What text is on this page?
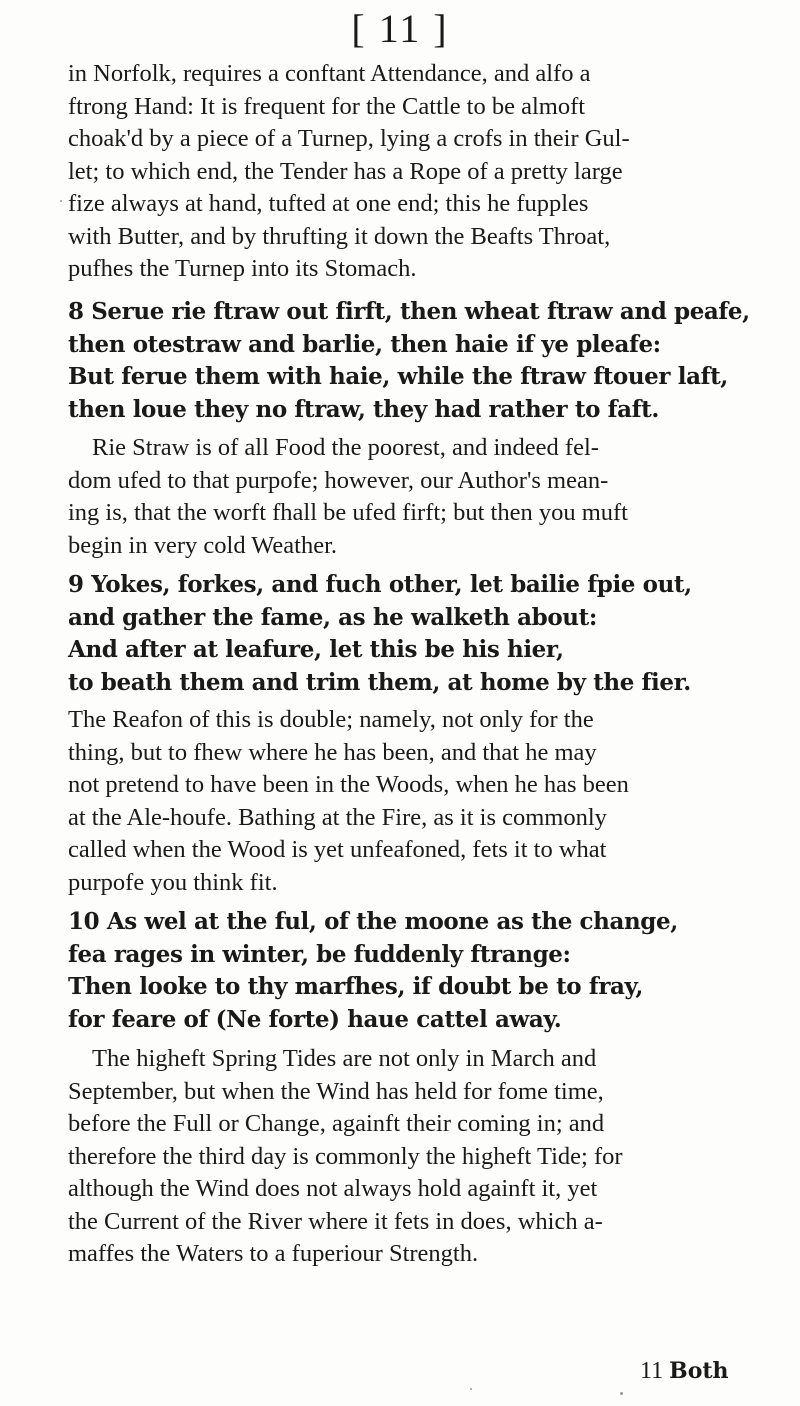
[ 11 ]
in Norfolk, requires a conftant Attendance, and alfo a
ftrong Hand: It is frequent for the Cattle to be almoft
choak'd by a piece of a Turnep, lying a crofs in their Gul-
let; to which end, the Tender has a Rope of a pretty large
fize always at hand, tufted at one end; this he fupples
with Butter, and by thrufting it down the Beafts Throat,
pufhes the Turnep into its Stomach.
8 Serue rie ftraw out firft, then wheat ftraw and peafe,
then otestraw and barlie, then haie if ye pleafe:
But ferue them with haie, while the ftraw ftouer laft,
then loue they no ftraw, they had rather to faft.
Rie Straw is of all Food the poorest, and indeed fel-
dom ufed to that purpofe; however, our Author's mean-
ing is, that the worft fhall be ufed firft; but then you muft
begin in very cold Weather.
9 Yokes, forkes, and fuch other, let bailie fpie out,
and gather the fame, as he walketh about:
And after at leafure, let this be his hier,
to beath them and trim them, at home by the fier.
The Reafon of this is double; namely, not only for the
thing, but to fhew where he has been, and that he may
not pretend to have been in the Woods, when he has been
at the Ale-houfe. Bathing at the Fire, as it is commonly
called when the Wood is yet unfeafoned, fets it to what
purpofe you think fit.
10 As wel at the ful, of the moone as the change,
fea rages in winter, be fuddenly ftrange:
Then looke to thy marfhes, if doubt be to fray,
for feare of (Ne forte) haue cattel away.
The higheft Spring Tides are not only in March and
September, but when the Wind has held for fome time,
before the Full or Change, againft their coming in; and
therefore the third day is commonly the higheft Tide; for
although the Wind does not always hold againft it, yet
the Current of the River where it fets in does, which a-
maffes the Waters to a fuperiour Strength.
11 Both
